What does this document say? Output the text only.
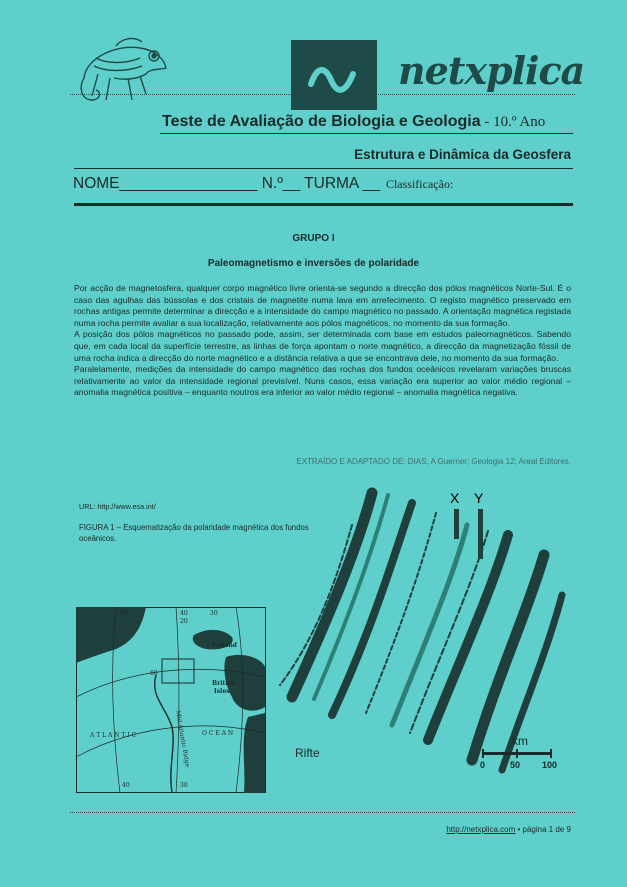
netxplica
Teste de Avaliação de Biologia e Geologia - 10.º Ano
Estrutura e Dinâmica da Geosfera
NOME________________ N.º__ TURMA __ Classificação:
GRUPO I
Paleomagnetismo e inversões de polaridade

Por acção de magnetosfera, qualquer corpo magnético livre orienta-se segundo a direcção dos pólos magnéticos Norte-Sul. É o caso das agulhas das bússolas e dos cristais de magnetite numa lava em arrefecimento. O registo magnético preservado em rochas antigas permite determinar a direcção e a intensidade do campo magnético no passado. A orientação magnética registada numa rocha permite avaliar a sua localização, relativamente aos pólos magnéticos, no momento da sua formação.

A posição dos pólos magnéticos no passado pode, assim, ser determinada com base em estudos paleomagnéticos. Sabendo que, em cada local da superfície terrestre, as linhas de força apontam o norte magnético, a direcção da magnetização fóssil de uma rocha indica a direcção do norte magnético e a distância relativa a que se encontrava dele, no momento da sua formação.

Paralelamente, medições da intensidade do campo magnético das rochas dos fundos oceânicos revelaram variações bruscas relativamente ao valor da intensidade regional previsível. Nuns casos, essa variação era superior ao valor médio regional – anomalia magnética positiva – enquanto noutros era inferior ao valor médio regional – anomalia magnética negativa.

EXTRAÍDO E ADAPTADO DE: DIAS, A Guerner; Geologia 12; Areal Editores.
URL: http://www.esa.int/
FIGURA 1 – Esquematização da polaridade magnética dos fundos oceânicos.
60	40	30
20
60
40	30
Iceland
British
Isles
A T L A N T I C	O C E A N
Mid-Atlantic Ridge
X Y
Rifte
km
0	50 100
http://netxplica.com • página 1 de 9
